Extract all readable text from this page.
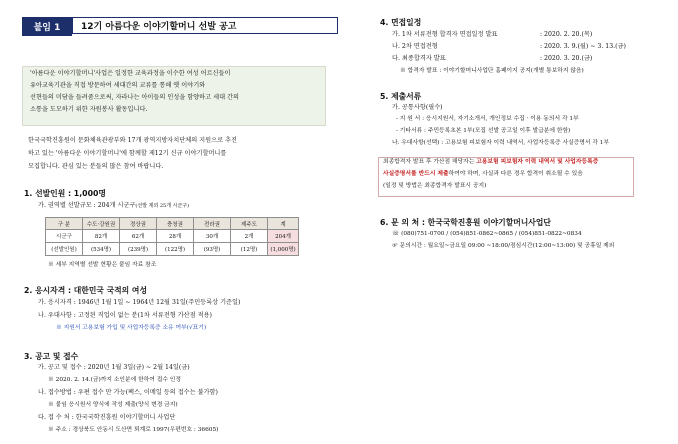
붙임 1	12기 아름다운 이야기할머니 선발 공고
'아름다운 이야기할머니'사업은 일정한 교육과정을 이수한 여성 어르신들이
유아교육기관을 직접 방문하여 세대간의 교류를 통해 옛 이야기와
선현들의 미담을 들려줌으로써, 자라나는 아이들의 인성을 함양하고 세대 간의
소통을 도모하기 위한 자원봉사 활동입니다.
한국국학진흥원이 문화체육관광부와 17개 광역지방자치단체의 지원으로 추진
하고 있는 '아름다운 이야기할머니'에 함께할 제12기 신규 이야기할머니를
모집합니다. 관심 있는 분들의 많은 참여 바랍니다.
1. 선발인원 : 1,000명
가. 권역별 선발규모 : 204개 시군구(선발 제외 25개 시군구)
구 분	수도·강원권	경상권	충청권	전라권	제주도	계
시군구	82개	62개	28개	30개	2개	204개
(선발인원)	(534명)	(239명)	(122명)	(93명)	(12명)	(1,000명)
※ 세부 지역별 선발 현황은 붙임 자료 참조
2. 응시자격 : 대한민국 국적의 여성
가. 응시자격 : 1946년 1월 1일 ~ 1964년 12월 31일(주민등록상 기준일)
나. 우대사항 : 고정된 직업이 없는 분(1차 서류전형 가산점 적용)
※ 지원서 고용보험 가입 및 사업자등록증 소유 여부(√표기)
3. 공고 및 접수
가. 공고 및 접수 : 2020년 1월 3일(금) ~ 2월 14일(금)
※ 2020. 2. 14.(금)까지 소인분에 한하여 접수 인정
나. 접수방법 : 우편 접수 만 가능(팩스, 이메일 등의 접수는 불가함)
※ 붙임 응시원서 양식에 작성 제출(양식 변경 금지)
다. 접 수 처 : 한국국학진흥원 이야기할머니 사업단
※ 주소 : 경상북도 안동시 도산면 퇴계로 1997(우편번호 : 36605)
4. 면접일정
가. 1차 서류전형 합격자 면접일정 발표	: 2020. 2. 20.(목)
나. 2차 면접전형	: 2020. 3. 9.(월) ~ 3. 13.(금)
다. 최종합격자 발표	: 2020. 3. 20.(금)
※ 합격자 발표 : 이야기할머니사업단 홈페이지 공지(개별 통보하지 않음)
5. 제출서류
가. 공통사항(필수)
- 지 원 서 : 응시지원서, 자기소개서, 개인정보 수집 · 이용 동의서 각 1부
- 기타서류 : 주민등록초본 1부(모집 선발 공고일 이후 발급분에 한함)
나. 우대사항(선택) : 고용보험 피보험자 이력 내역서, 사업자등록증 사실증명서 각 1부
최종합격자 발표 후 가산점 해당자는 고용보험 피보험자 이력 내역서 및 사업자등록증
사실증명서를 반드시 제출하여야 하며, 사실과 다른 경우 합격이 취소될 수 있음
(일정 및 방법은 최종합격자 발표시 공지)
6. 문 의 처 : 한국국학진흥원 이야기할머니사업단
☏ (080)751-0700 / (054)851-0862~0865 / (054)851-0822~0834
☞ 문의시간 : 월요일~금요일 09:00 ~18:00/점심시간(12:00~13:00) 및 공휴일 제외
